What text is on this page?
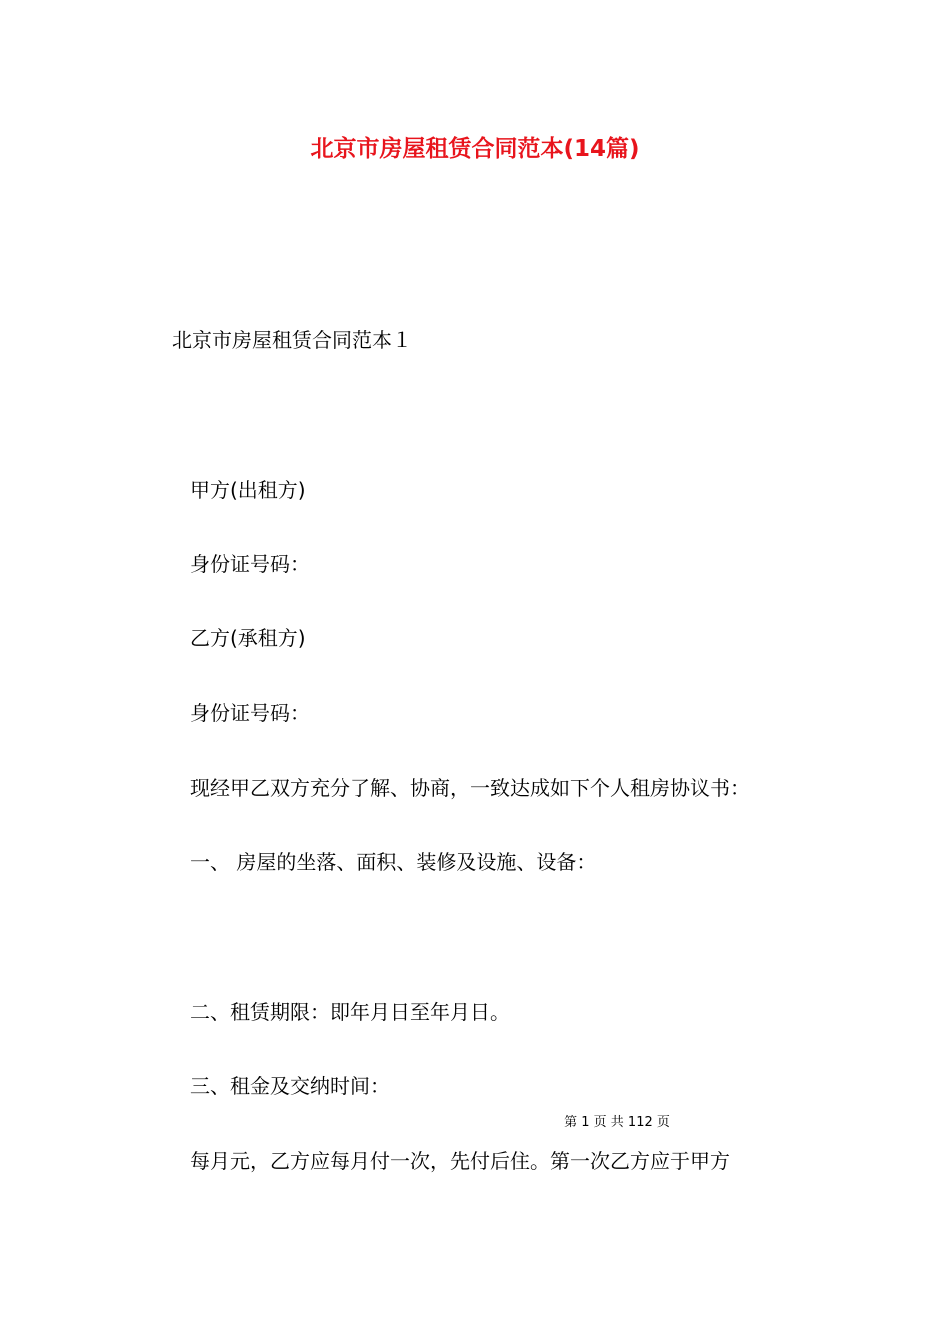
北京市房屋租赁合同范本(14篇)
北京市房屋租赁合同范本１
甲方(出租方)
身份证号码：
乙方(承租方)
身份证号码：
现经甲乙双方充分了解、协商，一致达成如下个人租房协议书：
一、 房屋的坐落、面积、装修及设施、设备：
二、租赁期限：即年月日至年月日。
三、租金及交纳时间：
第 1 页 共 112 页
每月元，乙方应每月付一次，先付后住。第一次乙方应于甲方
